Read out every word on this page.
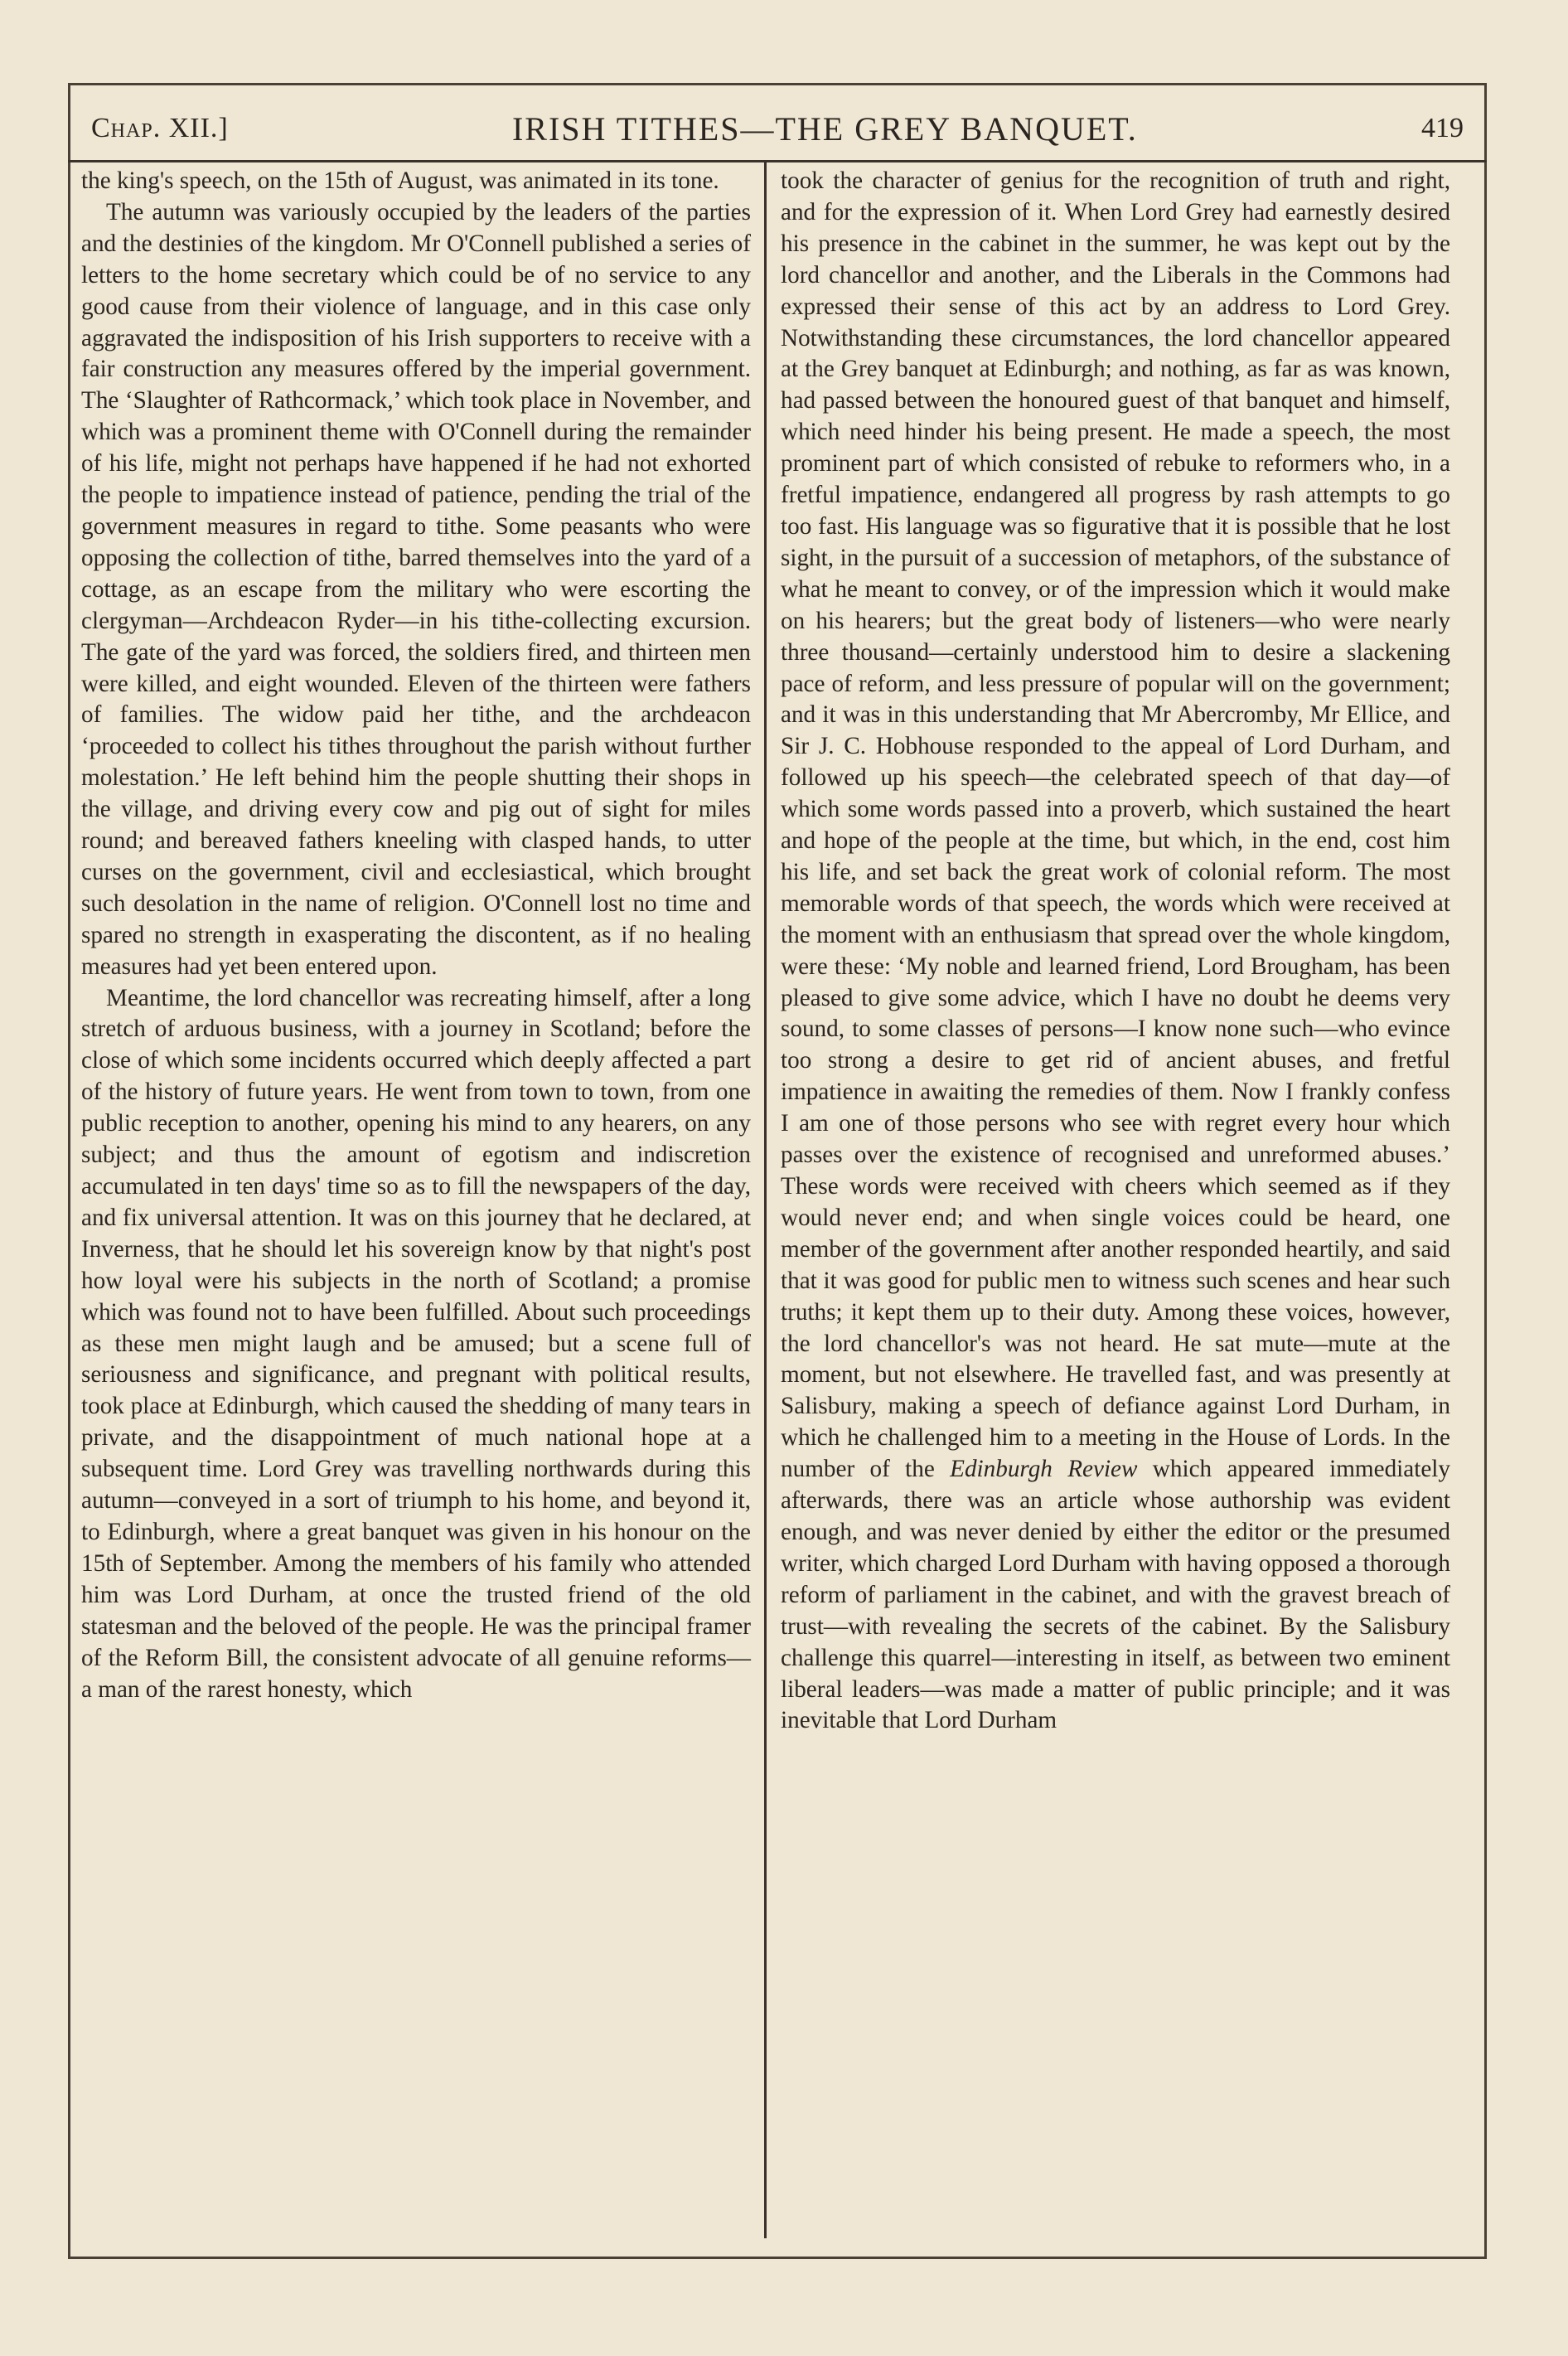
Chap. XII.]	IRISH TITHES—THE GREY BANQUET.	419

the king's speech, on the 15th of August, was animated in its tone.

The autumn was variously occupied by the leaders of the parties and the destinies of the kingdom. Mr O'Connell published a series of letters to the home secretary which could be of no service to any good cause from their violence of language, and in this case only aggravated the indisposition of his Irish supporters to receive with a fair construction any measures offered by the imperial government. The ‘Slaughter of Rathcormack,’ which took place in November, and which was a prominent theme with O'Connell during the remainder of his life, might not perhaps have happened if he had not exhorted the people to impatience instead of patience, pending the trial of the government measures in regard to tithe. Some peasants who were opposing the collection of tithe, barred themselves into the yard of a cottage, as an escape from the military who were escorting the clergyman—Archdeacon Ryder—in his tithe-collecting excursion. The gate of the yard was forced, the soldiers fired, and thirteen men were killed, and eight wounded. Eleven of the thirteen were fathers of families. The widow paid her tithe, and the archdeacon ‘proceeded to collect his tithes throughout the parish without further molestation.’ He left behind him the people shutting their shops in the village, and driving every cow and pig out of sight for miles round; and bereaved fathers kneeling with clasped hands, to utter curses on the government, civil and ecclesiastical, which brought such desolation in the name of religion. O'Connell lost no time and spared no strength in exasperating the discontent, as if no healing measures had yet been entered upon.

Meantime, the lord chancellor was recreating himself, after a long stretch of arduous business, with a journey in Scotland; before the close of which some incidents occurred which deeply affected a part of the history of future years. He went from town to town, from one public reception to another, opening his mind to any hearers, on any subject; and thus the amount of egotism and indiscretion accumulated in ten days' time so as to fill the newspapers of the day, and fix universal attention. It was on this journey that he declared, at Inverness, that he should let his sovereign know by that night's post how loyal were his subjects in the north of Scotland; a promise which was found not to have been fulfilled. About such proceedings as these men might laugh and be amused; but a scene full of seriousness and significance, and pregnant with political results, took place at Edinburgh, which caused the shedding of many tears in private, and the disappointment of much national hope at a subsequent time. Lord Grey was travelling northwards during this autumn—conveyed in a sort of triumph to his home, and beyond it, to Edinburgh, where a great banquet was given in his honour on the 15th of September. Among the members of his family who attended him was Lord Durham, at once the trusted friend of the old statesman and the beloved of the people. He was the principal framer of the Reform Bill, the consistent advocate of all genuine reforms—a man of the rarest honesty, which

took the character of genius for the recognition of truth and right, and for the expression of it. When Lord Grey had earnestly desired his presence in the cabinet in the summer, he was kept out by the lord chancellor and another, and the Liberals in the Commons had expressed their sense of this act by an address to Lord Grey. Notwithstanding these circumstances, the lord chancellor appeared at the Grey banquet at Edinburgh; and nothing, as far as was known, had passed between the honoured guest of that banquet and himself, which need hinder his being present. He made a speech, the most prominent part of which consisted of rebuke to reformers who, in a fretful impatience, endangered all progress by rash attempts to go too fast. His language was so figurative that it is possible that he lost sight, in the pursuit of a succession of metaphors, of the substance of what he meant to convey, or of the impression which it would make on his hearers; but the great body of listeners—who were nearly three thousand—certainly understood him to desire a slackening pace of reform, and less pressure of popular will on the government; and it was in this understanding that Mr Abercromby, Mr Ellice, and Sir J. C. Hobhouse responded to the appeal of Lord Durham, and followed up his speech—the celebrated speech of that day—of which some words passed into a proverb, which sustained the heart and hope of the people at the time, but which, in the end, cost him his life, and set back the great work of colonial reform. The most memorable words of that speech, the words which were received at the moment with an enthusiasm that spread over the whole kingdom, were these: ‘My noble and learned friend, Lord Brougham, has been pleased to give some advice, which I have no doubt he deems very sound, to some classes of persons—I know none such—who evince too strong a desire to get rid of ancient abuses, and fretful impatience in awaiting the remedies of them. Now I frankly confess I am one of those persons who see with regret every hour which passes over the existence of recognised and unreformed abuses.’ These words were received with cheers which seemed as if they would never end; and when single voices could be heard, one member of the government after another responded heartily, and said that it was good for public men to witness such scenes and hear such truths; it kept them up to their duty. Among these voices, however, the lord chancellor's was not heard. He sat mute—mute at the moment, but not elsewhere. He travelled fast, and was presently at Salisbury, making a speech of defiance against Lord Durham, in which he challenged him to a meeting in the House of Lords. In the number of the Edinburgh Review which appeared immediately afterwards, there was an article whose authorship was evident enough, and was never denied by either the editor or the presumed writer, which charged Lord Durham with having opposed a thorough reform of parliament in the cabinet, and with the gravest breach of trust—with revealing the secrets of the cabinet. By the Salisbury challenge this quarrel—interesting in itself, as between two eminent liberal leaders—was made a matter of public principle; and it was inevitable that Lord Durham
